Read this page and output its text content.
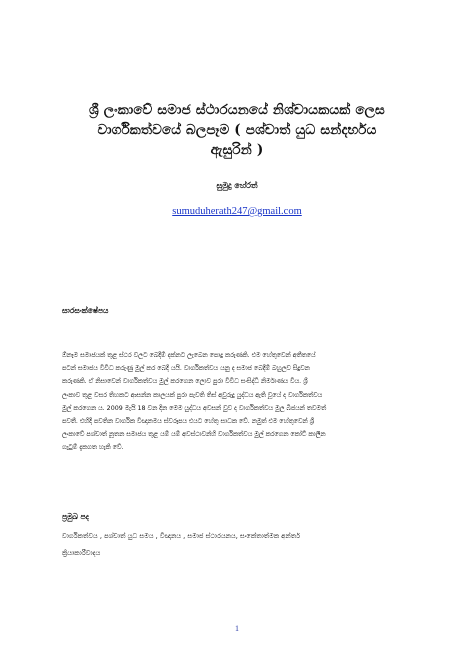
ශ්‍රී ලංකාවේ සමාජ ස්ථාරයනයේ නිශ්චායකයක් ලෙස
වාර්ගිකත්වයේ බලපෑම ( පශ්චාත් යුධ සන්දර්භය
ඇසුරින් )
සුමුදු හේරත්
sumuduherath247@gmail.com
සාරසංක්ෂේපය
ඕනෑම සමාජයක් තුළ ස්ථර වලට බෙදීම් දක්නට ලැබෙන පොදු කරුණකි. එම හේතුවෙන් අතීතයේ
පටන් සමාජය විවිධ කරුණු මුල් කර බෙදී යයි. වාර්ගිකත්වය යනු ද සමාජ බෙදීම් බහුලව සිදුවන
කරුණකි. ඒ නිසාවෙන් වාර්ගිකත්වය මුල් කරගෙන ලොව පුරා විවිධ සංසිද්ධි නිර්මාණය විය. ශ්‍රී
ලංකාව තුළ වසර තිහකට ආසන්න කාලයක් පුරා පැවති තිස් අවුරුදු යුද්ධය ඇති වූයේ ද වාර්ගිකත්වය
මුල් කරගෙන ය. 2009 මැයි 18 වන දින මෙම යුද්ධය අවසන් වුව ද වාර්ගිකත්වය මුල බීජයන් තවමත්
පවතී. එහිදී පවතින වාර්ගික විඥානමය ස්වරූපය එයට හේතු සාධක වේ. නමුත් එම හේතුවෙන් ශ්‍රී
ලංකාවේ පශ්චාත් නූතන සමාජය තුළ යම් යම් අවස්ථාවන්හි වාර්ගිකත්වය මුල් කරගෙන කෝට් කාලීන
ගැටුම් දැකගත හැකි වේ.
ප්‍රමුඛ පද
වාර්ගිකත්වය , පශ්චාත් යුධ සමය , විඥානය , සමාජ ස්ථාරයනය, සංකේතාත්මක අන්තර්
ක්‍රියාකාරීවාදය
1
